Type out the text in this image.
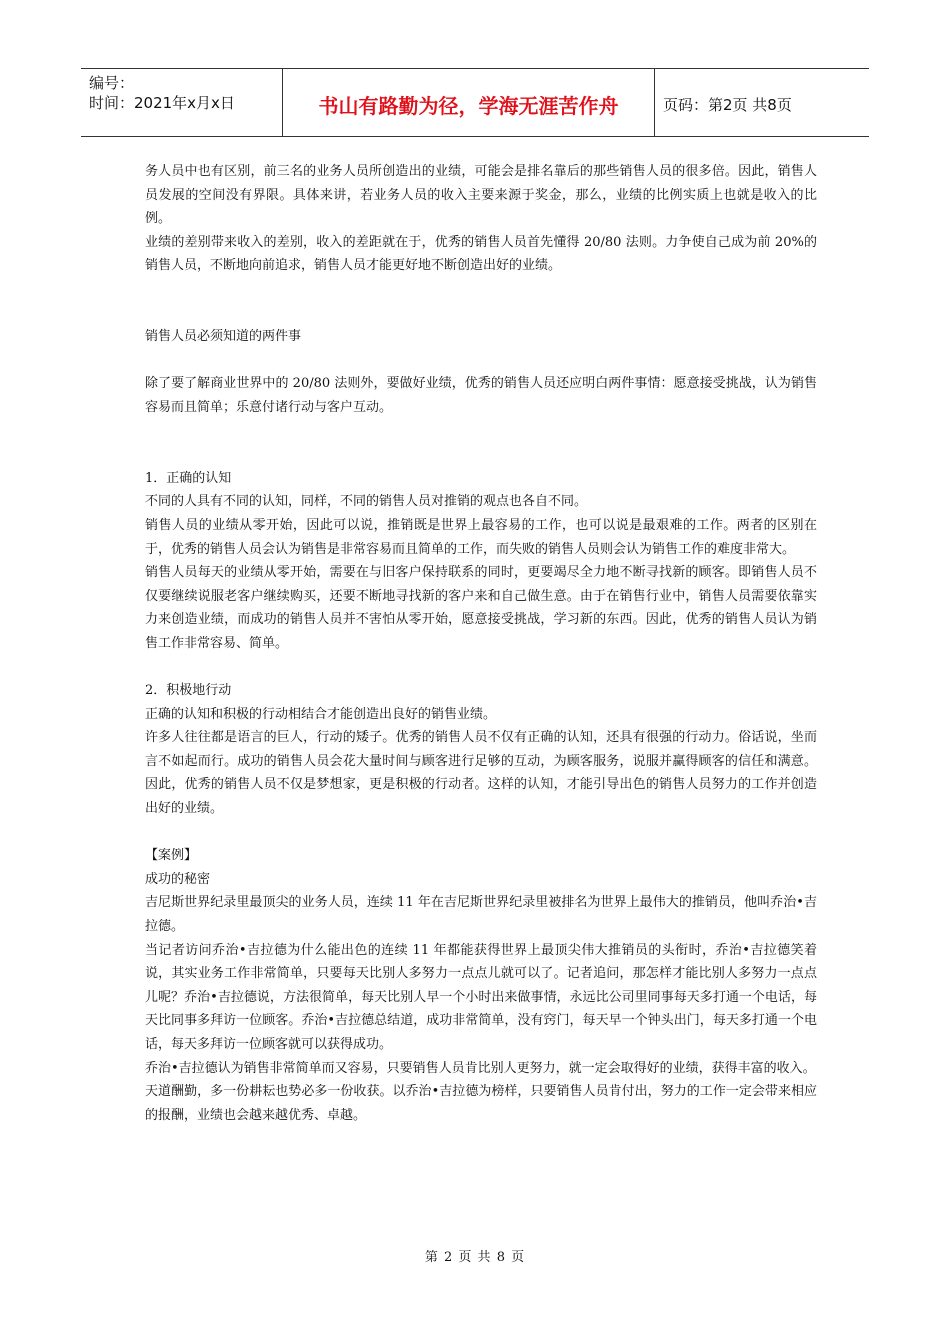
编号：
时间：2021年x月x日	书山有路勤为径，学海无涯苦作舟	页码：第2页 共8页

务人员中也有区别，前三名的业务人员所创造出的业绩，可能会是排名靠后的那些销售人员的很多倍。因此，销售人员发展的空间没有界限。具体来讲，若业务人员的收入主要来源于奖金，那么，业绩的比例实质上也就是收入的比例。

业绩的差别带来收入的差别，收入的差距就在于，优秀的销售人员首先懂得 20/80 法则。力争使自己成为前 20%的销售人员，不断地向前追求，销售人员才能更好地不断创造出好的业绩。

销售人员必须知道的两件事

除了要了解商业世界中的 20/80 法则外，要做好业绩，优秀的销售人员还应明白两件事情：愿意接受挑战，认为销售容易而且简单；乐意付诸行动与客户互动。

1．正确的认知

不同的人具有不同的认知，同样，不同的销售人员对推销的观点也各自不同。

销售人员的业绩从零开始，因此可以说，推销既是世界上最容易的工作，也可以说是最艰难的工作。两者的区别在于，优秀的销售人员会认为销售是非常容易而且简单的工作，而失败的销售人员则会认为销售工作的难度非常大。

销售人员每天的业绩从零开始，需要在与旧客户保持联系的同时，更要竭尽全力地不断寻找新的顾客。即销售人员不仅要继续说服老客户继续购买，还要不断地寻找新的客户来和自己做生意。由于在销售行业中，销售人员需要依靠实力来创造业绩，而成功的销售人员并不害怕从零开始，愿意接受挑战，学习新的东西。因此，优秀的销售人员认为销售工作非常容易、简单。

2．积极地行动

正确的认知和积极的行动相结合才能创造出良好的销售业绩。

许多人往往都是语言的巨人，行动的矮子。优秀的销售人员不仅有正确的认知，还具有很强的行动力。俗话说，坐而言不如起而行。成功的销售人员会花大量时间与顾客进行足够的互动，为顾客服务，说服并赢得顾客的信任和满意。因此，优秀的销售人员不仅是梦想家，更是积极的行动者。这样的认知，才能引导出色的销售人员努力的工作并创造出好的业绩。

【案例】

成功的秘密

吉尼斯世界纪录里最顶尖的业务人员，连续 11 年在吉尼斯世界纪录里被排名为世界上最伟大的推销员，他叫乔治•吉拉德。

当记者访问乔治•吉拉德为什么能出色的连续 11 年都能获得世界上最顶尖伟大推销员的头衔时，乔治•吉拉德笑着说，其实业务工作非常简单，只要每天比别人多努力一点点儿就可以了。记者追问，那怎样才能比别人多努力一点点儿呢？乔治•吉拉德说，方法很简单，每天比别人早一个小时出来做事情，永远比公司里同事每天多打通一个电话，每天比同事多拜访一位顾客。乔治•吉拉德总结道，成功非常简单，没有窍门，每天早一个钟头出门，每天多打通一个电话，每天多拜访一位顾客就可以获得成功。

乔治•吉拉德认为销售非常简单而又容易，只要销售人员肯比别人更努力，就一定会取得好的业绩，获得丰富的收入。

天道酬勤，多一份耕耘也势必多一份收获。以乔治•吉拉德为榜样，只要销售人员肯付出，努力的工作一定会带来相应的报酬，业绩也会越来越优秀、卓越。

第 2 页 共 8 页
